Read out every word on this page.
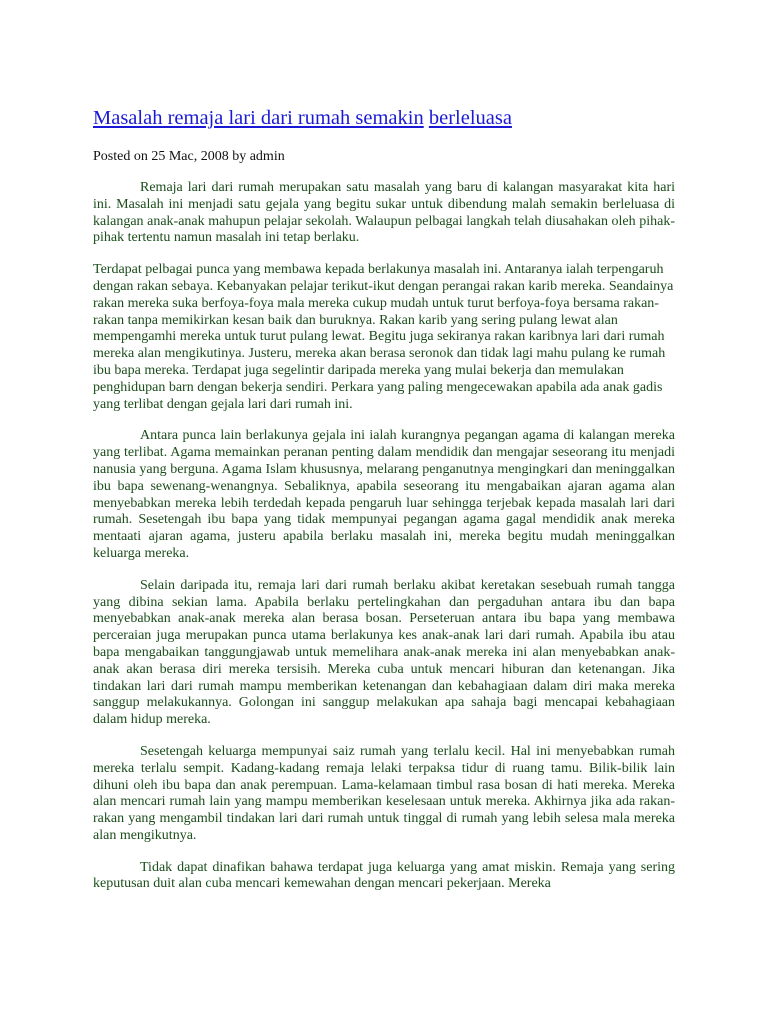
Masalah remaja lari dari rumah semakin berleluasa

Posted on 25 Mac, 2008 by admin

Remaja lari dari rumah merupakan satu masalah yang baru di kalangan masyarakat kita hari ini. Masalah ini menjadi satu gejala yang begitu sukar untuk dibendung malah semakin berleluasa di kalangan anak-anak mahupun pelajar sekolah. Walaupun pelbagai langkah telah diusahakan oleh pihak-pihak tertentu namun masalah ini tetap berlaku.

Terdapat pelbagai punca yang membawa kepada berlakunya masalah ini. Antaranya ialah terpengaruh dengan rakan sebaya. Kebanyakan pelajar terikut-ikut dengan perangai rakan karib mereka. Seandainya rakan mereka suka berfoya-foya mala mereka cukup mudah untuk turut berfoya-foya bersama rakan-rakan tanpa memikirkan kesan baik dan buruknya. Rakan karib yang sering pulang lewat alan mempengamhi mereka untuk turut pulang lewat. Begitu juga sekiranya rakan karibnya lari dari rumah mereka alan mengikutinya. Justeru, mereka akan berasa seronok dan tidak lagi mahu pulang ke rumah ibu bapa mereka. Terdapat juga segelintir daripada mereka yang mulai bekerja dan memulakan penghidupan barn dengan bekerja sendiri. Perkara yang paling mengecewakan apabila ada anak gadis yang terlibat dengan gejala lari dari rumah ini.

Antara punca lain berlakunya gejala ini ialah kurangnya pegangan agama di kalangan mereka yang terlibat. Agama memainkan peranan penting dalam mendidik dan mengajar seseorang itu menjadi nanusia yang berguna. Agama Islam khususnya, melarang penganutnya mengingkari dan meninggalkan ibu bapa sewenang-wenangnya. Sebaliknya, apabila seseorang itu mengabaikan ajaran agama alan menyebabkan mereka lebih terdedah kepada pengaruh luar sehingga terjebak kepada masalah lari dari rumah. Sesetengah ibu bapa yang tidak mempunyai pegangan agama gagal mendidik anak mereka mentaati ajaran agama, justeru apabila berlaku masalah ini, mereka begitu mudah meninggalkan keluarga mereka.

Selain daripada itu, remaja lari dari rumah berlaku akibat keretakan sesebuah rumah tangga yang dibina sekian lama. Apabila berlaku pertelingkahan dan pergaduhan antara ibu dan bapa menyebabkan anak-anak mereka alan berasa bosan. Perseteruan antara ibu bapa yang membawa perceraian juga merupakan punca utama berlakunya kes anak-anak lari dari rumah. Apabila ibu atau bapa mengabaikan tanggungjawab untuk memelihara anak-anak mereka ini alan menyebabkan anak-anak akan berasa diri mereka tersisih. Mereka cuba untuk mencari hiburan dan ketenangan. Jika tindakan lari dari rumah mampu memberikan ketenangan dan kebahagiaan dalam diri maka mereka sanggup melakukannya. Golongan ini sanggup melakukan apa sahaja bagi mencapai kebahagiaan dalam hidup mereka.

Sesetengah keluarga mempunyai saiz rumah yang terlalu kecil. Hal ini menyebabkan rumah mereka terlalu sempit. Kadang-kadang remaja lelaki terpaksa tidur di ruang tamu. Bilik-bilik lain dihuni oleh ibu bapa dan anak perempuan. Lama-kelamaan timbul rasa bosan di hati mereka. Mereka alan mencari rumah lain yang mampu memberikan keselesaan untuk mereka. Akhirnya jika ada rakan- rakan yang mengambil tindakan lari dari rumah untuk tinggal di rumah yang lebih selesa mala mereka alan mengikutnya.

Tidak dapat dinafikan bahawa terdapat juga keluarga yang amat miskin. Remaja yang sering keputusan duit alan cuba mencari kemewahan dengan mencari pekerjaan. Mereka
